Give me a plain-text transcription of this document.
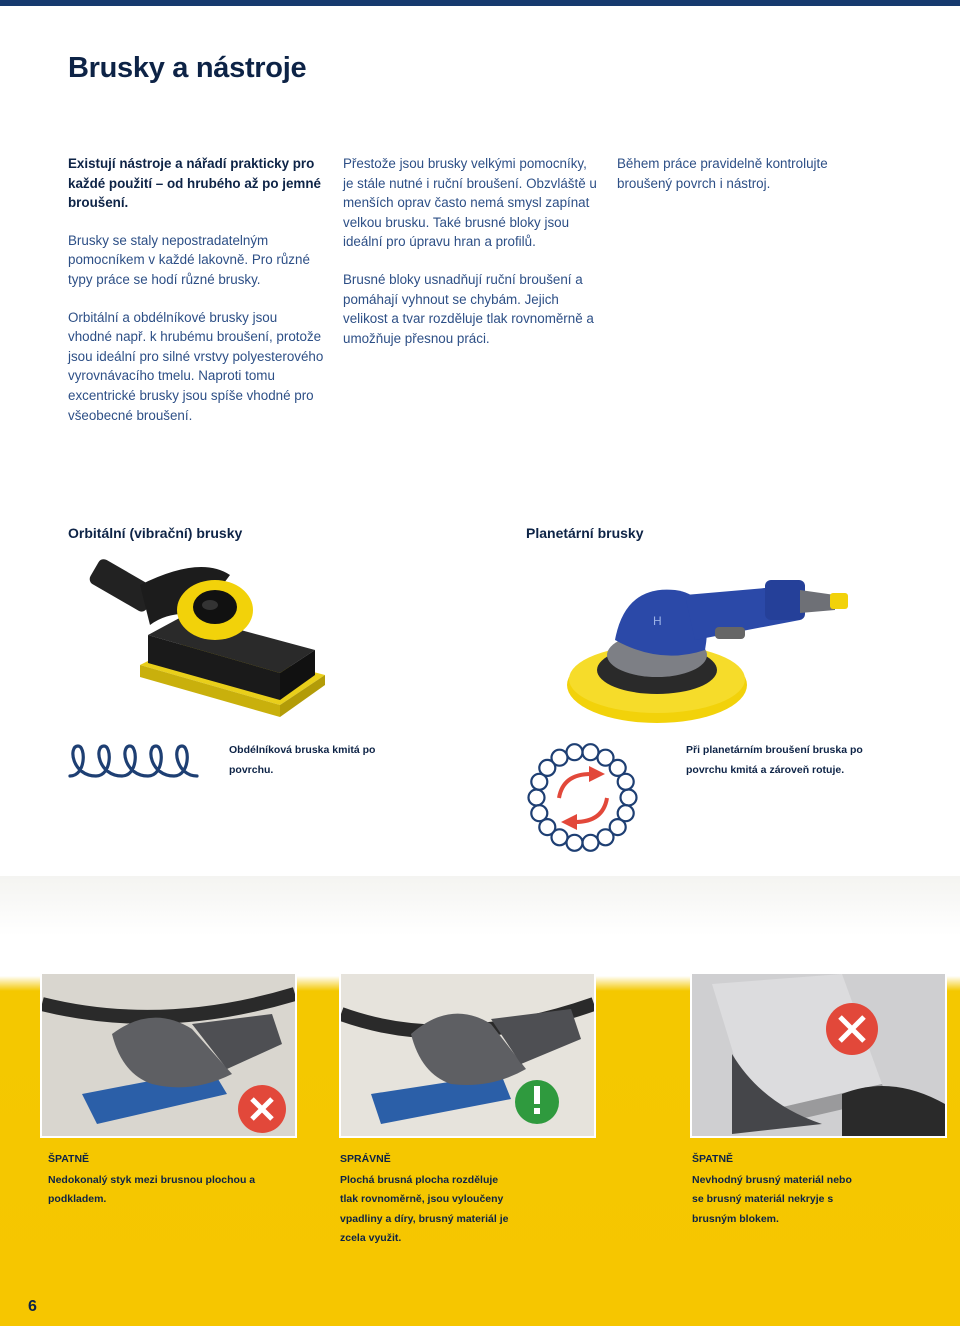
Brusky a nástroje

Existují nástroje a nářadí prakticky pro každé použití – od hrubého až po jemné broušení.

Brusky se staly nepostradatelným pomocníkem v každé lakovně. Pro různé typy práce se hodí různé brusky.

Orbitální a obdélníkové brusky jsou vhodné např. k hrubému broušení, protože jsou ideální pro silné vrstvy polyesterového vyrovnávacího tmelu. Naproti tomu excentrické brusky jsou spíše vhodné pro všeobecné broušení.

Přestože jsou brusky velkými pomocníky, je stále nutné i ruční broušení. Obzvláště u menších oprav často nemá smysl zapínat velkou brusku. Také brusné bloky jsou ideální pro úpravu hran a profilů.

Brusné bloky usnadňují ruční broušení a pomáhají vyhnout se chybám. Jejich velikost a tvar rozděluje tlak rovnoměrně a umožňuje přesnou práci.

Během práce pravidelně kontrolujte broušený povrch i nástroj.

Orbitální (vibrační) brusky	Planetární brusky
H
Obdélníková bruska kmitá po povrchu.
Při planetárním broušení bruska po povrchu kmitá a zároveň rotuje.
ŠPATNĚ
Nedokonalý styk mezi brusnou plochou a podkladem.
SPRÁVNĚ
Plochá brusná plocha rozděluje tlak rovnoměrně, jsou vyloučeny vpadliny a díry, brusný materiál je zcela využit.
ŠPATNĚ
Nevhodný brusný materiál nebo se brusný materiál nekryje s brusným blokem.
6
